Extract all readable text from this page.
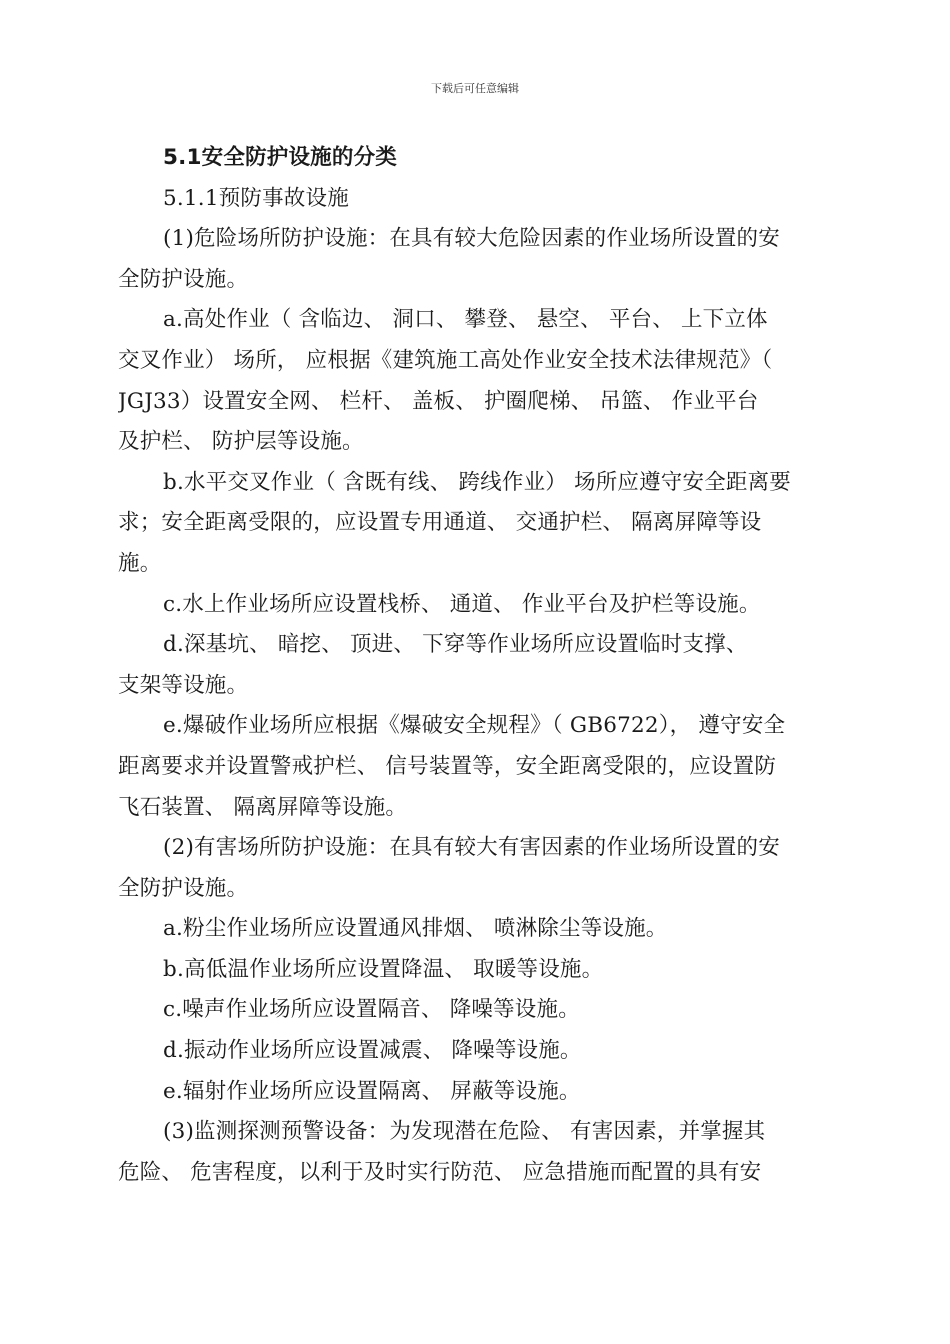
下载后可任意编辑
5.1安全防护设施的分类
5.1.1预防事故设施
(1)危险场所防护设施：在具有较大危险因素的作业场所设置的安
全防护设施。
a.高处作业（ 含临边、 洞口、 攀登、 悬空、 平台、 上下立体
交叉作业） 场所， 应根据《建筑施工高处作业安全技术法律规范》（
JGJ33）设置安全网、 栏杆、 盖板、 护圈爬梯、 吊篮、 作业平台
及护栏、 防护层等设施。
b.水平交叉作业（ 含既有线、 跨线作业） 场所应遵守安全距离要
求；安全距离受限的，应设置专用通道、 交通护栏、 隔离屏障等设
施。
c.水上作业场所应设置栈桥、 通道、 作业平台及护栏等设施。
d.深基坑、 暗挖、 顶进、 下穿等作业场所应设置临时支撑、
支架等设施。
e.爆破作业场所应根据《爆破安全规程》（ GB6722）， 遵守安全
距离要求并设置警戒护栏、 信号装置等，安全距离受限的，应设置防
飞石装置、 隔离屏障等设施。
(2)有害场所防护设施：在具有较大有害因素的作业场所设置的安
全防护设施。
a.粉尘作业场所应设置通风排烟、 喷淋除尘等设施。
b.高低温作业场所应设置降温、 取暖等设施。
c.噪声作业场所应设置隔音、 降噪等设施。
d.振动作业场所应设置减震、 降噪等设施。
e.辐射作业场所应设置隔离、 屏蔽等设施。
(3)监测探测预警设备：为发现潜在危险、 有害因素，并掌握其
危险、 危害程度，以利于及时实行防范、 应急措施而配置的具有安
